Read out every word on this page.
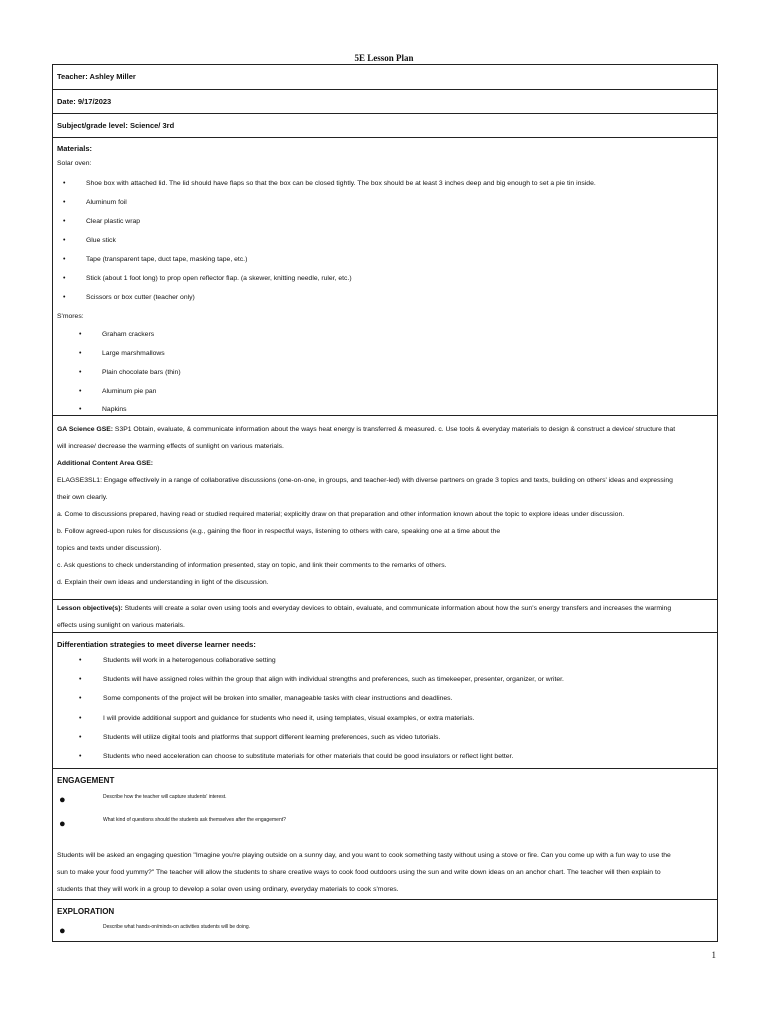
5E Lesson Plan
Teacher: Ashley Miller
Date: 9/17/2023
Subject/grade level: Science/ 3rd
Materials:
Solar oven:
•	Shoe box with attached lid. The lid should have flaps so that the box can be closed tightly. The box should be at least 3 inches deep and big enough to set a pie tin inside.
•	Aluminum foil
•	Clear plastic wrap
•	Glue stick
•	Tape (transparent tape, duct tape, masking tape, etc.)
•	Stick (about 1 foot long) to prop open reflector flap. (a skewer, knitting needle, ruler, etc.)
•	Scissors or box cutter (teacher only)
S'mores:
•	Graham crackers
•	Large marshmallows
•	Plain chocolate bars (thin)
•	Aluminum pie pan
•	Napkins
GA Science GSE: S3P1 Obtain, evaluate, & communicate information about the ways heat energy is transferred & measured. c. Use tools & everyday materials to design & construct a device/ structure that
will increase/ decrease the warming effects of sunlight on various materials.
Additional Content Area GSE:
ELAGSE3SL1: Engage effectively in a range of collaborative discussions (one-on-one, in groups, and teacher-led) with diverse partners on grade 3 topics and texts, building on others' ideas and expressing
their own clearly.
a. Come to discussions prepared, having read or studied required material; explicitly draw on that preparation and other information known about the topic to explore ideas under discussion.
b. Follow agreed-upon rules for discussions (e.g., gaining the floor in respectful ways, listening to others with care, speaking one at a time about the
topics and texts under discussion).
c. Ask questions to check understanding of information presented, stay on topic, and link their comments to the remarks of others.
d. Explain their own ideas and understanding in light of the discussion.
Lesson objective(s): Students will create a solar oven using tools and everyday devices to obtain, evaluate, and communicate information about how the sun's energy transfers and increases the warming
effects using sunlight on various materials.
Differentiation strategies to meet diverse learner needs:
•	Students will work in a heterogenous collaborative setting
•	Students will have assigned roles within the group that align with individual strengths and preferences, such as timekeeper, presenter, organizer, or writer.
•	Some components of the project will be broken into smaller, manageable tasks with clear instructions and deadlines.
•	I will provide additional support and guidance for students who need it, using templates, visual examples, or extra materials.
•	Students will utilize digital tools and platforms that support different learning preferences, such as video tutorials.
•	Students who need acceleration can choose to substitute materials for other materials that could be good insulators or reflect light better.
ENGAGEMENT
●	Describe how the teacher will capture students' interest.
●	What kind of questions should the students ask themselves after the engagement?
Students will be asked an engaging question "Imagine you're playing outside on a sunny day, and you want to cook something tasty without using a stove or fire. Can you come up with a fun way to use the
sun to make your food yummy?" The teacher will allow the students to share creative ways to cook food outdoors using the sun and write down ideas on an anchor chart. The teacher will then explain to
students that they will work in a group to develop a solar oven using ordinary, everyday materials to cook s'mores.
EXPLORATION
●	Describe what hands-on/minds-on activities students will be doing.
1
